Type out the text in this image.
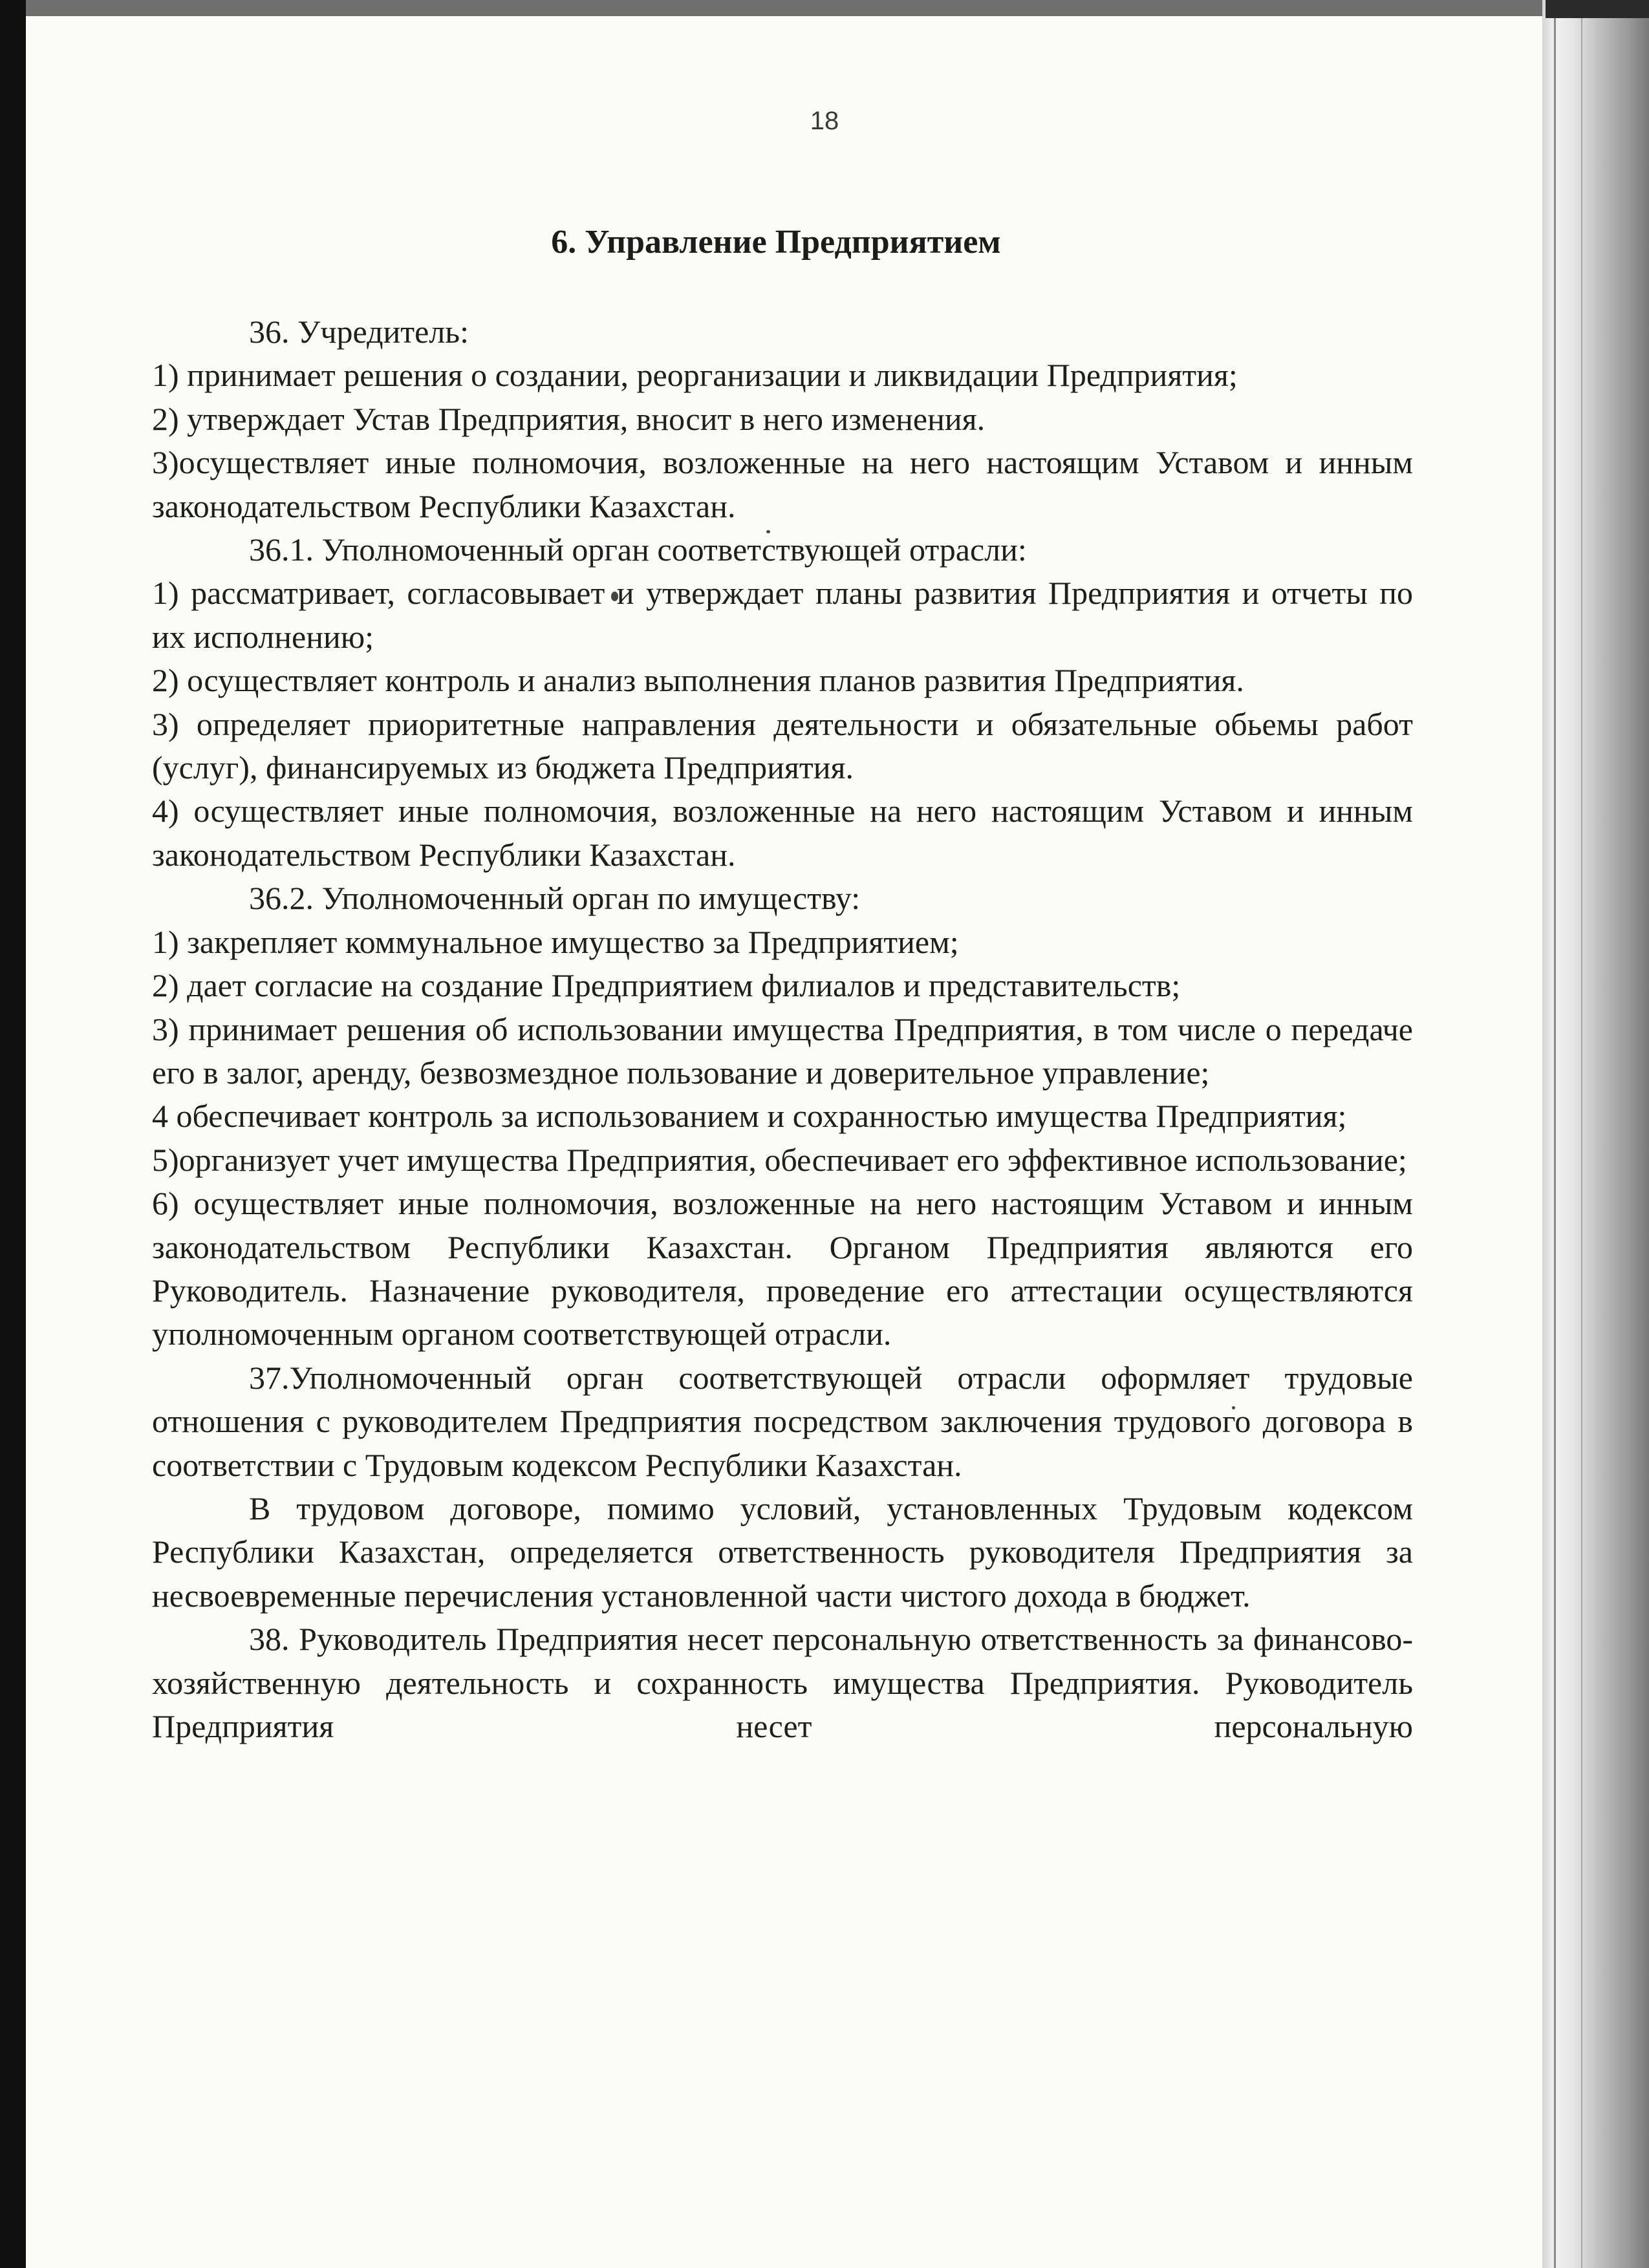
18
6. Управление Предприятием

36. Учредитель:

1) принимает решения о создании, реорганизации и ликвидации Предприятия;

2) утверждает Устав Предприятия, вносит в него изменения.

3)осуществляет иные полномочия, возложенные на него настоящим Уставом и инным законодательством Республики Казахстан.

36.1. Уполномоченный орган соответствующей отрасли:

1) рассматривает, согласовывает и утверждает планы развития Предприятия и отчеты по их исполнению;

2) осуществляет контроль и анализ выполнения планов развития Предприятия.

3) определяет приоритетные направления деятельности и обязательные обьемы работ (услуг), финансируемых из бюджета Предприятия.

4) осуществляет иные полномочия, возложенные на него настоящим Уставом и инным законодательством Республики Казахстан.

36.2. Уполномоченный орган по имуществу:

1) закрепляет коммунальное имущество за Предприятием;

2) дает согласие на создание Предприятием филиалов и представительств;

3) принимает решения об использовании имущества Предприятия, в том числе о передаче его в залог, аренду, безвозмездное пользование и доверительное управление;

4 обеспечивает контроль за использованием и сохранностью имущества Предприятия;

5)организует учет имущества Предприятия, обеспечивает его эффективное использование;

6) осуществляет иные полномочия, возложенные на него настоящим Уставом и инным законодательством Республики Казахстан. Органом Предприятия являются его Руководитель. Назначение руководителя, проведение его аттестации осуществляются уполномоченным органом соответствующей отрасли.

37.Уполномоченный орган соответствующей отрасли оформляет трудовые отношения с руководителем Предприятия посредством заключения трудового договора в соответствии с Трудовым кодексом Республики Казахстан.

В трудовом договоре, помимо условий, установленных Трудовым кодексом Республики Казахстан, определяется ответственность руководителя Предприятия за несвоевременные перечисления установленной части чистого дохода в бюджет.

38. Руководитель Предприятия несет персональную ответственность за финансово-хозяйственную деятельность и сохранность имущества Предприятия. Руководитель Предприятия несет персональную
